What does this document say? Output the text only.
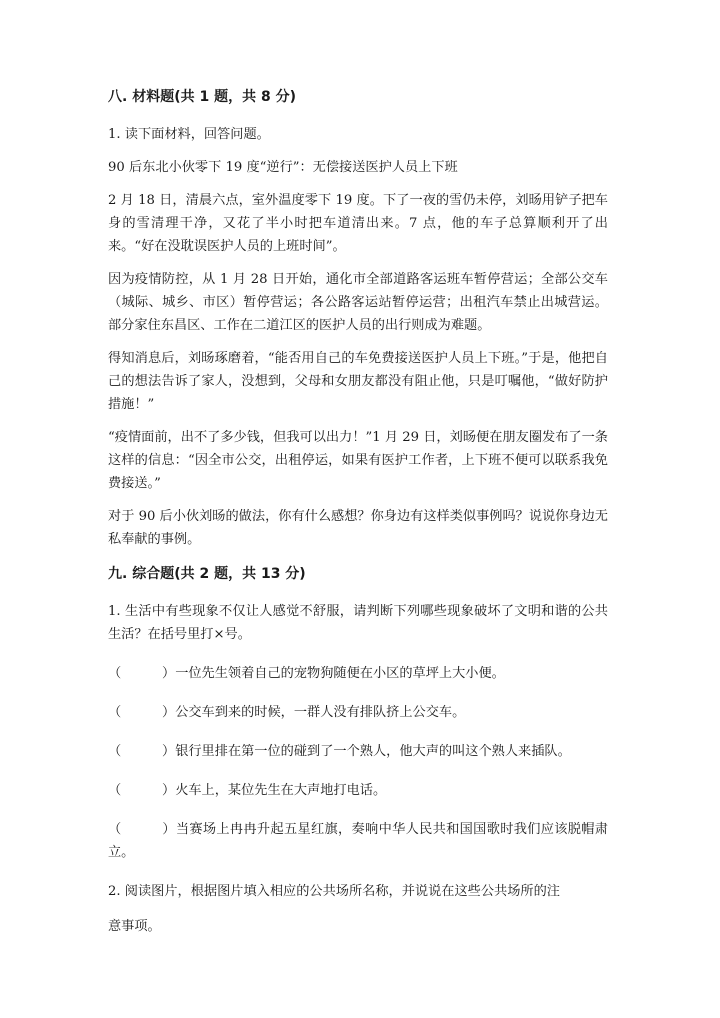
八. 材料题(共 1 题，共 8 分)

1. 读下面材料，回答问题。

90 后东北小伙零下 19 度“逆行”：无偿接送医护人员上下班

2 月 18 日，清晨六点，室外温度零下 19 度。下了一夜的雪仍未停，刘旸用铲子把车身的雪清理干净，又花了半小时把车道清出来。7 点，他的车子总算顺利开了出来。“好在没耽误医护人员的上班时间”。

因为疫情防控，从 1 月 28 日开始，通化市全部道路客运班车暂停营运；全部公交车（城际、城乡、市区）暂停营运；各公路客运站暂停运营；出租汽车禁止出城营运。部分家住东昌区、工作在二道江区的医护人员的出行则成为难题。

得知消息后，刘旸琢磨着，“能否用自己的车免费接送医护人员上下班。”于是，他把自己的想法告诉了家人，没想到，父母和女朋友都没有阻止他，只是叮嘱他，“做好防护措施！”

“疫情面前，出不了多少钱，但我可以出力！”1 月 29 日，刘旸便在朋友圈发布了一条这样的信息：“因全市公交，出租停运，如果有医护工作者，上下班不便可以联系我免费接送。”

对于 90 后小伙刘旸的做法，你有什么感想？你身边有这样类似事例吗？说说你身边无私奉献的事例。

九. 综合题(共 2 题，共 13 分)

1. 生活中有些现象不仅让人感觉不舒服，请判断下列哪些现象破坏了文明和谐的公共生活？在括号里打×号。

（	）一位先生领着自己的宠物狗随便在小区的草坪上大小便。

（	）公交车到来的时候，一群人没有排队挤上公交车。

（	）银行里排在第一位的碰到了一个熟人，他大声的叫这个熟人来插队。

（	）火车上，某位先生在大声地打电话。

（	）当赛场上冉冉升起五星红旗，奏响中华人民共和国国歌时我们应该脱帽肃立。

2. 阅读图片，根据图片填入相应的公共场所名称，并说说在这些公共场所的注

意事项。
